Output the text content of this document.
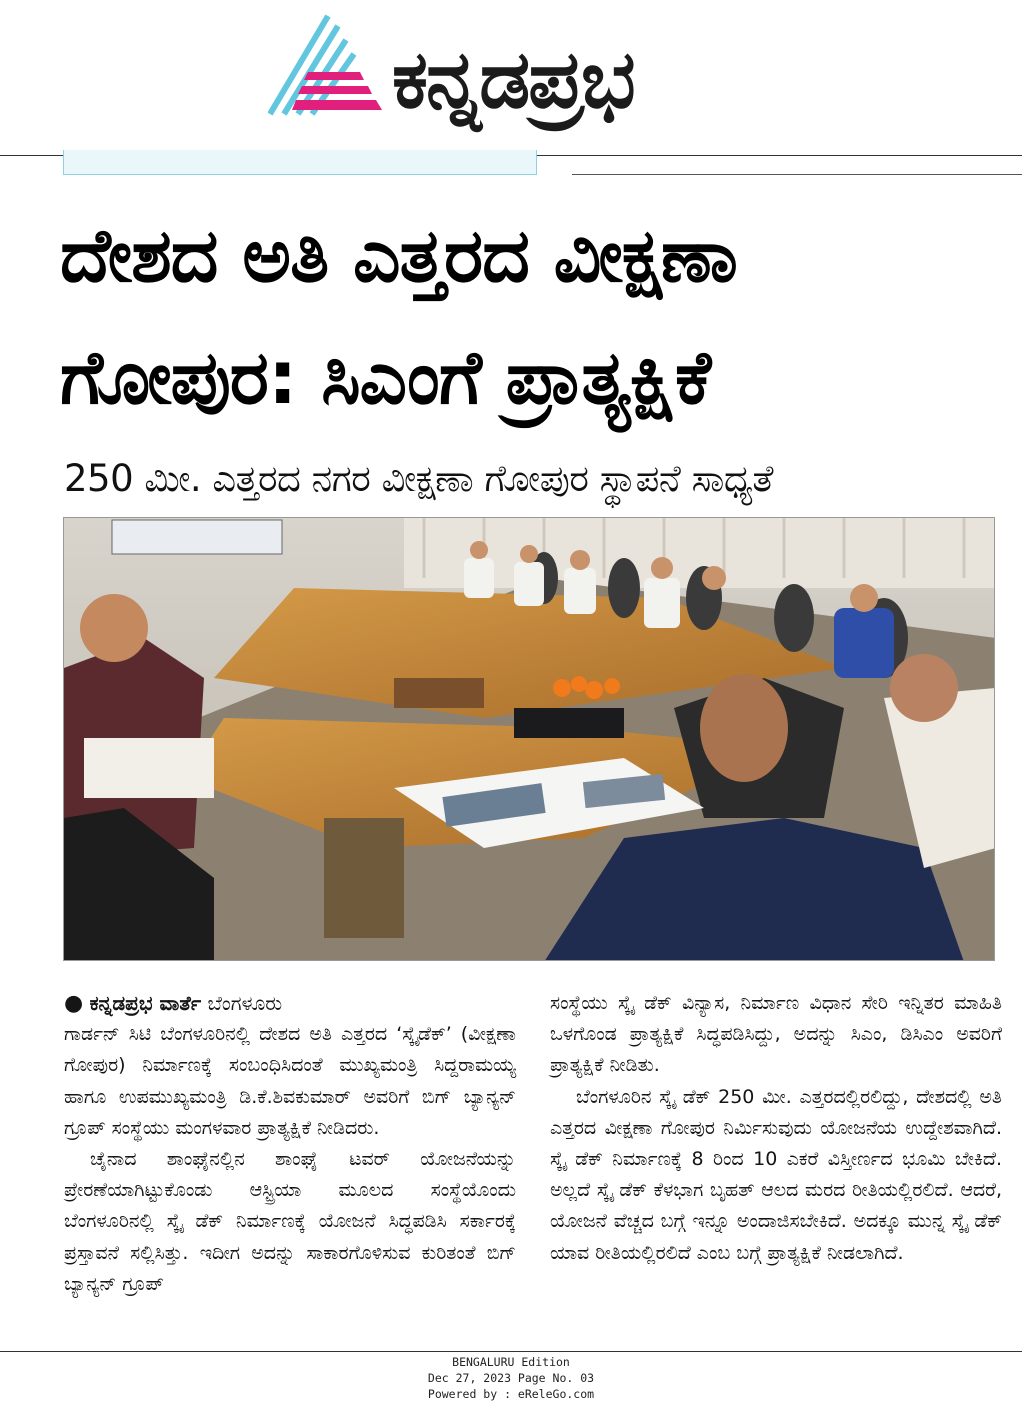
ಕನ್ನಡಪ್ರಭ
ದೇಶದ ಅತಿ ಎತ್ತರದ ವೀಕ್ಷಣಾ
ಗೋಪುರ: ಸಿಎಂಗೆ ಪ್ರಾತ್ಯಕ್ಷಿಕೆ
250 ಮೀ. ಎತ್ತರದ ನಗರ ವೀಕ್ಷಣಾ ಗೋಪುರ ಸ್ಥಾಪನೆ ಸಾಧ್ಯತೆ

● ಕನ್ನಡಪ್ರಭ ವಾರ್ತೆ ಬೆಂಗಳೂರು

ಗಾರ್ಡನ್ ಸಿಟಿ ಬೆಂಗಳೂರಿನಲ್ಲಿ ದೇಶದ ಅತಿ ಎತ್ತರದ ‘ಸ್ಕೈಡೆಕ್’ (ವೀಕ್ಷಣಾ ಗೋಪುರ) ನಿರ್ಮಾಣಕ್ಕೆ ಸಂಬಂಧಿಸಿದಂತೆ ಮುಖ್ಯಮಂತ್ರಿ ಸಿದ್ದರಾಮಯ್ಯ ಹಾಗೂ ಉಪಮುಖ್ಯಮಂತ್ರಿ ಡಿ.ಕೆ.ಶಿವಕುಮಾರ್ ಅವರಿಗೆ ಬಿಗ್ ಬ್ಯಾನ್ಯನ್ ಗ್ರೂಪ್ ಸಂಸ್ಥೆಯು ಮಂಗಳವಾರ ಪ್ರಾತ್ಯಕ್ಷಿಕೆ ನೀಡಿದರು.

ಚೈನಾದ ಶಾಂಘೈನಲ್ಲಿನ ಶಾಂಘೈ ಟವರ್ ಯೋಜನೆಯನ್ನು ಪ್ರೇರಣೆಯಾಗಿಟ್ಟುಕೊಂಡು ಆಸ್ಟ್ರಿಯಾ ಮೂಲದ ಸಂಸ್ಥೆಯೊಂದು ಬೆಂಗಳೂರಿನಲ್ಲಿ ಸ್ಕೈ ಡೆಕ್ ನಿರ್ಮಾಣಕ್ಕೆ ಯೋಜನೆ ಸಿದ್ಧಪಡಿಸಿ ಸರ್ಕಾರಕ್ಕೆ ಪ್ರಸ್ತಾವನೆ ಸಲ್ಲಿಸಿತ್ತು. ಇದೀಗ ಅದನ್ನು ಸಾಕಾರಗೊಳಿಸುವ ಕುರಿತಂತೆ ಬಿಗ್ ಬ್ಯಾನ್ಯನ್ ಗ್ರೂಪ್

ಸಂಸ್ಥೆಯು ಸ್ಕೈ ಡೆಕ್ ವಿನ್ಯಾಸ, ನಿರ್ಮಾಣ ವಿಧಾನ ಸೇರಿ ಇನ್ನಿತರ ಮಾಹಿತಿ ಒಳಗೊಂಡ ಪ್ರಾತ್ಯಕ್ಷಿಕೆ ಸಿದ್ಧಪಡಿಸಿದ್ದು, ಅದನ್ನು ಸಿಎಂ, ಡಿಸಿಎಂ ಅವರಿಗೆ ಪ್ರಾತ್ಯಕ್ಷಿಕೆ ನೀಡಿತು.

ಬೆಂಗಳೂರಿನ ಸ್ಕೈ ಡೆಕ್ 250 ಮೀ. ಎತ್ತರದಲ್ಲಿರಲಿದ್ದು, ದೇಶದಲ್ಲಿ ಅತಿ ಎತ್ತರದ ವೀಕ್ಷಣಾ ಗೋಪುರ ನಿರ್ಮಿಸುವುದು ಯೋಜನೆಯ ಉದ್ದೇಶವಾಗಿದೆ. ಸ್ಕೈ ಡೆಕ್ ನಿರ್ಮಾಣಕ್ಕೆ 8 ರಿಂದ 10 ಎಕರೆ ವಿಸ್ತೀರ್ಣದ ಭೂಮಿ ಬೇಕಿದೆ. ಅಲ್ಲದೆ ಸ್ಕೈ ಡೆಕ್ ಕೆಳಭಾಗ ಬೃಹತ್ ಆಲದ ಮರದ ರೀತಿಯಲ್ಲಿರಲಿದೆ. ಆದರೆ, ಯೋಜನೆ ವೆಚ್ಚದ ಬಗ್ಗೆ ಇನ್ನೂ ಅಂದಾಜಿಸಬೇಕಿದೆ. ಅದಕ್ಕೂ ಮುನ್ನ ಸ್ಕೈ ಡೆಕ್ ಯಾವ ರೀತಿಯಲ್ಲಿರಲಿದೆ ಎಂಬ ಬಗ್ಗೆ ಪ್ರಾತ್ಯಕ್ಷಿಕೆ ನೀಡಲಾಗಿದೆ.

BENGALURU Edition
Dec 27, 2023 Page No. 03
Powered by : eReleGo.com
